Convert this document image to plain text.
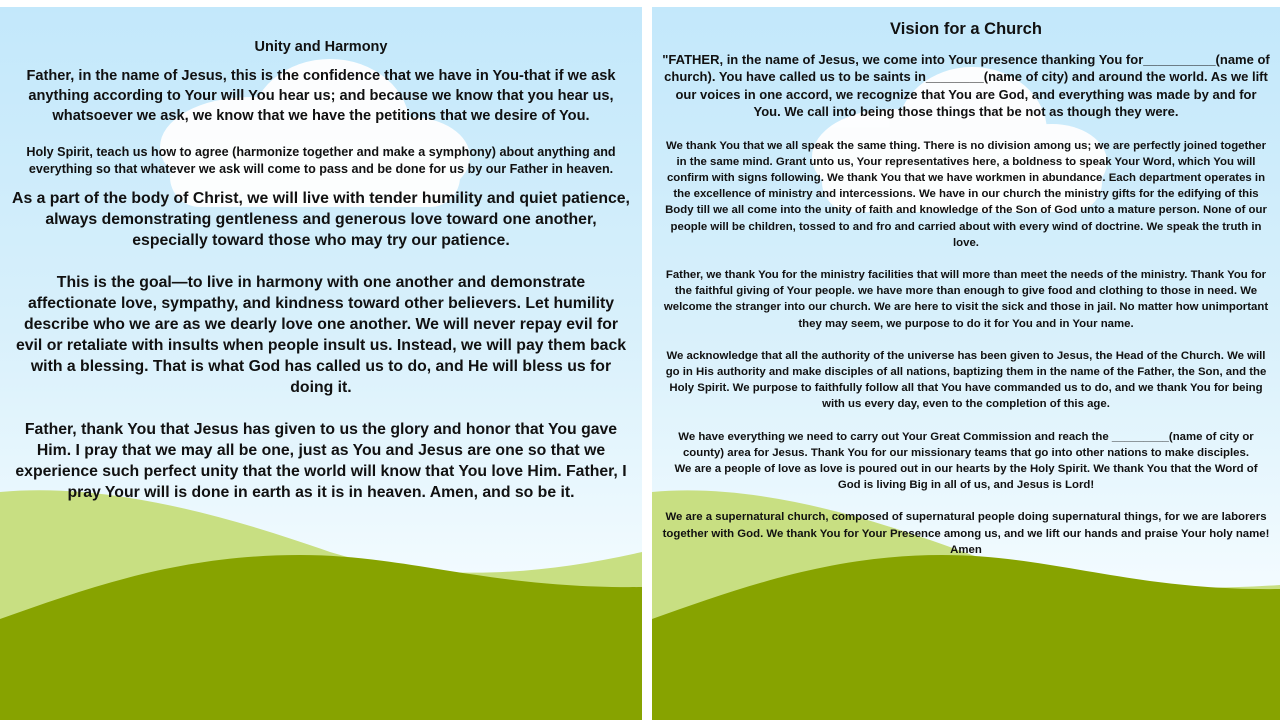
Unity and Harmony

Father, in the name of Jesus, this is the confidence that we have in You-that if we ask anything according to Your will You hear us; and because we know that you hear us, whatsoever we ask, we know that we have the petitions that we desire of You.

Holy Spirit, teach us how to agree (harmonize together and make a symphony) about anything and everything so that whatever we ask will come to pass and be done for us by our Father in heaven.

As a part of the body of Christ, we will live with tender humility and quiet patience, always demonstrating gentleness and generous love toward one another, especially toward those who may try our patience.

This is the goal—to live in harmony with one another and demonstrate affectionate love, sympathy, and kindness toward other believers. Let humility describe who we are as we dearly love one another. We will never repay evil for evil or retaliate with insults when people insult us. Instead, we will pay them back with a blessing. That is what God has called us to do, and He will bless us for doing it.

Father, thank You that Jesus has given to us the glory and honor that You gave Him. I pray that we may all be one, just as You and Jesus are one so that we experience such perfect unity that the world will know that You love Him. Father, I pray Your will is done in earth as it is in heaven. Amen, and so be it.

Vision for a Church

"FATHER, in the name of Jesus, we come into Your presence thanking You for__________(name of church). You have called us to be saints in________(name of city) and around the world. As we lift our voices in one accord, we recognize that You are God, and everything was made by and for You. We call into being those things that be not as though they were.

We thank You that we all speak the same thing. There is no division among us; we are perfectly joined together in the same mind. Grant unto us, Your representatives here, a boldness to speak Your Word, which You will confirm with signs following. We thank You that we have workmen in abundance. Each department operates in the excellence of ministry and intercessions. We have in our church the ministry gifts for the edifying of this Body till we all come into the unity of faith and knowledge of the Son of God unto a mature person. None of our people will be children, tossed to and fro and carried about with every wind of doctrine. We speak the truth in love.

Father, we thank You for the ministry facilities that will more than meet the needs of the ministry. Thank You for the faithful giving of Your people. we have more than enough to give food and clothing to those in need. We welcome the stranger into our church. We are here to visit the sick and those in jail. No matter how unimportant they may seem, we purpose to do it for You and in Your name.

We acknowledge that all the authority of the universe has been given to Jesus, the Head of the Church. We will go in His authority and make disciples of all nations, baptizing them in the name of the Father, the Son, and the Holy Spirit. We purpose to faithfully follow all that You have commanded us to do, and we thank You for being with us every day, even to the completion of this age.

We have everything we need to carry out Your Great Commission and reach the _________(name of city or county) area for Jesus. Thank You for our missionary teams that go into other nations to make disciples.

We are a people of love as love is poured out in our hearts by the Holy Spirit. We thank You that the Word of God is living Big in all of us, and Jesus is Lord!

We are a supernatural church, composed of supernatural people doing supernatural things, for we are laborers together with God. We thank You for Your Presence among us, and we lift our hands and praise Your holy name! Amen
